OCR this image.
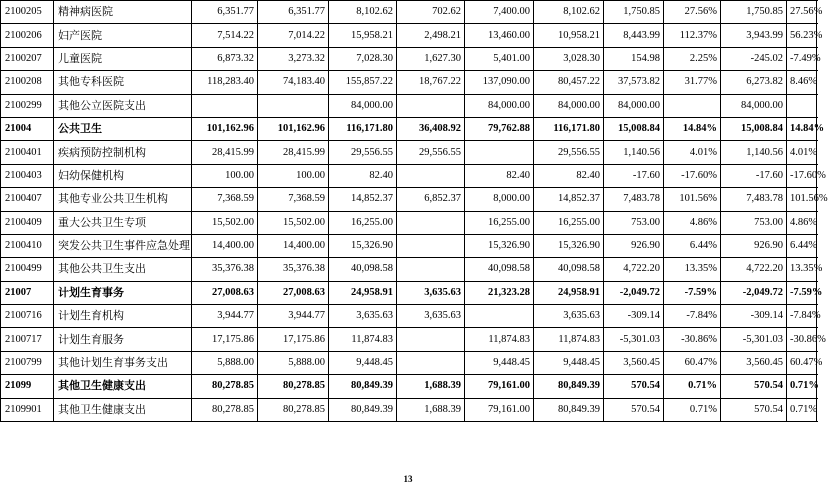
2100205	精神病医院	6,351.77	6,351.77	8,102.62	702.62	7,400.00	8,102.62	1,750.85	27.56%	1,750.85	27.56%
2100206	妇产医院	7,514.22	7,014.22	15,958.21	2,498.21	13,460.00	10,958.21	8,443.99	112.37%	3,943.99	56.23%
2100207	儿童医院	6,873.32	3,273.32	7,028.30	1,627.30	5,401.00	3,028.30	154.98	2.25%	-245.02	-7.49%
2100208	其他专科医院	118,283.40	74,183.40	155,857.22	18,767.22	137,090.00	80,457.22	37,573.82	31.77%	6,273.82	8.46%
2100299	其他公立医院支出			84,000.00		84,000.00	84,000.00	84,000.00		84,000.00	
21004	公共卫生	101,162.96	101,162.96	116,171.80	36,408.92	79,762.88	116,171.80	15,008.84	14.84%	15,008.84	14.84%
2100401	疾病预防控制机构	28,415.99	28,415.99	29,556.55	29,556.55		29,556.55	1,140.56	4.01%	1,140.56	4.01%
2100403	妇幼保健机构	100.00	100.00	82.40		82.40	82.40	-17.60	-17.60%	-17.60	-17.60%
2100407	其他专业公共卫生机构	7,368.59	7,368.59	14,852.37	6,852.37	8,000.00	14,852.37	7,483.78	101.56%	7,483.78	101.56%
2100409	重大公共卫生专项	15,502.00	15,502.00	16,255.00		16,255.00	16,255.00	753.00	4.86%	753.00	4.86%
2100410	突发公共卫生事件应急处理	14,400.00	14,400.00	15,326.90		15,326.90	15,326.90	926.90	6.44%	926.90	6.44%
2100499	其他公共卫生支出	35,376.38	35,376.38	40,098.58		40,098.58	40,098.58	4,722.20	13.35%	4,722.20	13.35%
21007	计划生育事务	27,008.63	27,008.63	24,958.91	3,635.63	21,323.28	24,958.91	-2,049.72	-7.59%	-2,049.72	-7.59%
2100716	计划生育机构	3,944.77	3,944.77	3,635.63	3,635.63		3,635.63	-309.14	-7.84%	-309.14	-7.84%
2100717	计划生育服务	17,175.86	17,175.86	11,874.83		11,874.83	11,874.83	-5,301.03	-30.86%	-5,301.03	-30.86%
2100799	其他计划生育事务支出	5,888.00	5,888.00	9,448.45		9,448.45	9,448.45	3,560.45	60.47%	3,560.45	60.47%
21099	其他卫生健康支出	80,278.85	80,278.85	80,849.39	1,688.39	79,161.00	80,849.39	570.54	0.71%	570.54	0.71%
2109901	其他卫生健康支出	80,278.85	80,278.85	80,849.39	1,688.39	79,161.00	80,849.39	570.54	0.71%	570.54	0.71%
13
